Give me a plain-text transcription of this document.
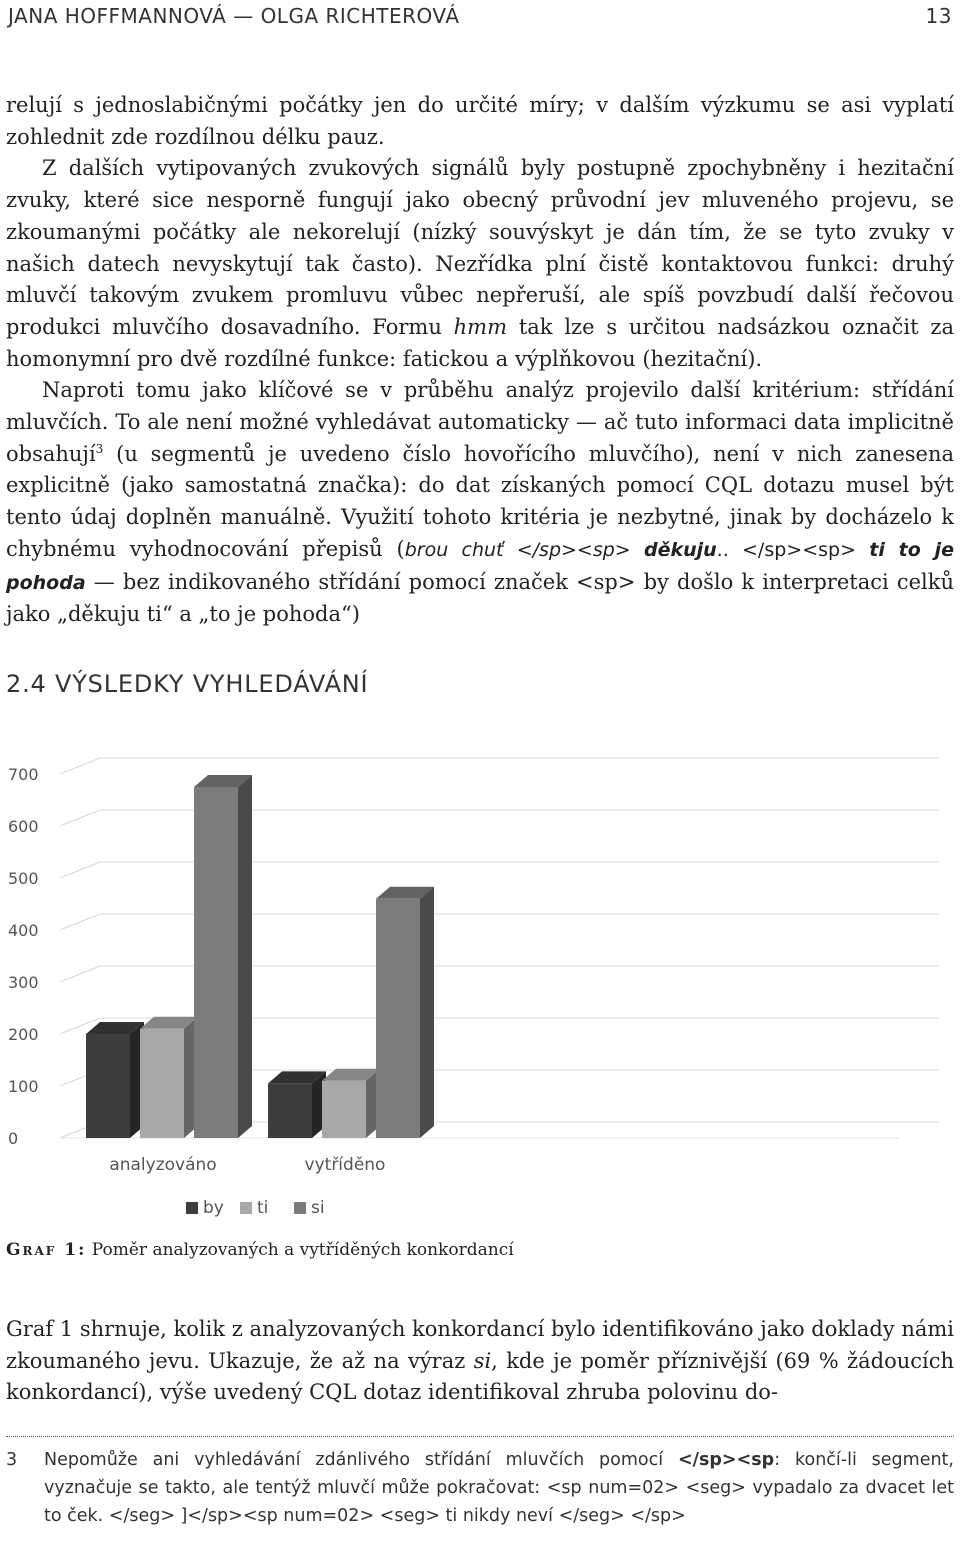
JANA HOFFMANNOVÁ — OLGA RICHTEROVÁ	13

relují s jednoslabičnými počátky jen do určité míry; v dalším výzkumu se asi vyplatí zohlednit zde rozdílnou délku pauz.

Z dalších vytipovaných zvukových signálů byly postupně zpochybněny i hezitační zvuky, které sice nesporně fungují jako obecný průvodní jev mluveného projevu, se zkoumanými počátky ale nekorelují (nízký souvýskyt je dán tím, že se tyto zvuky v našich datech nevyskytují tak často). Nezřídka plní čistě kontaktovou funkci: druhý mluvčí takovým zvukem promluvu vůbec nepřeruší, ale spíš povzbudí další řečovou produkci mluvčího dosavadního. Formu hmm tak lze s určitou nadsázkou označit za homonymní pro dvě rozdílné funkce: fatickou a výplňkovou (hezitační).

Naproti tomu jako klíčové se v průběhu analýz projevilo další kritérium: střídání mluvčích. To ale není možné vyhledávat automaticky — ač tuto informaci data implicitně obsahují$^3$ (u segmentů je uvedeno číslo hovořícího mluvčího), není v nich zanesena explicitně (jako samostatná značka): do dat získaných pomocí CQL dotazu musel být tento údaj doplněn manuálně. Využití tohoto kritéria je nezbytné, jinak by docházelo k chybnému vyhodnocování přepisů (brou chuť </sp><sp> děkuju.. </sp><sp> ti to je pohoda — bez indikovaného střídání pomocí značek <sp> by došlo k interpretaci celků jako „děkuju ti“ a „to je pohoda“)

2.4 VÝSLEDKY VYHLEDÁVÁNÍ
0
100
200
300
400
500
600
700
analyzováno	vytříděno
by ti	si
Graf 1: Poměr analyzovaných a vytříděných konkordancí

Graf 1 shrnuje, kolik z analyzovaných konkordancí bylo identifikováno jako doklady námi zkoumaného jevu. Ukazuje, že až na výraz si, kde je poměr příznivější (69 % žádoucích konkordancí), výše uvedený CQL dotaz identifikoval zhruba polovinu do-

3 Nepomůže ani vyhledávání zdánlivého střídání mluvčích pomocí </sp><sp: končí-li segment, vyznačuje se takto, ale tentýž mluvčí může pokračovat: <sp num=02> <seg> vypadalo za dvacet let to ček. </seg> ]</sp><sp num=02> <seg> ti nikdy neví </seg> </sp>
